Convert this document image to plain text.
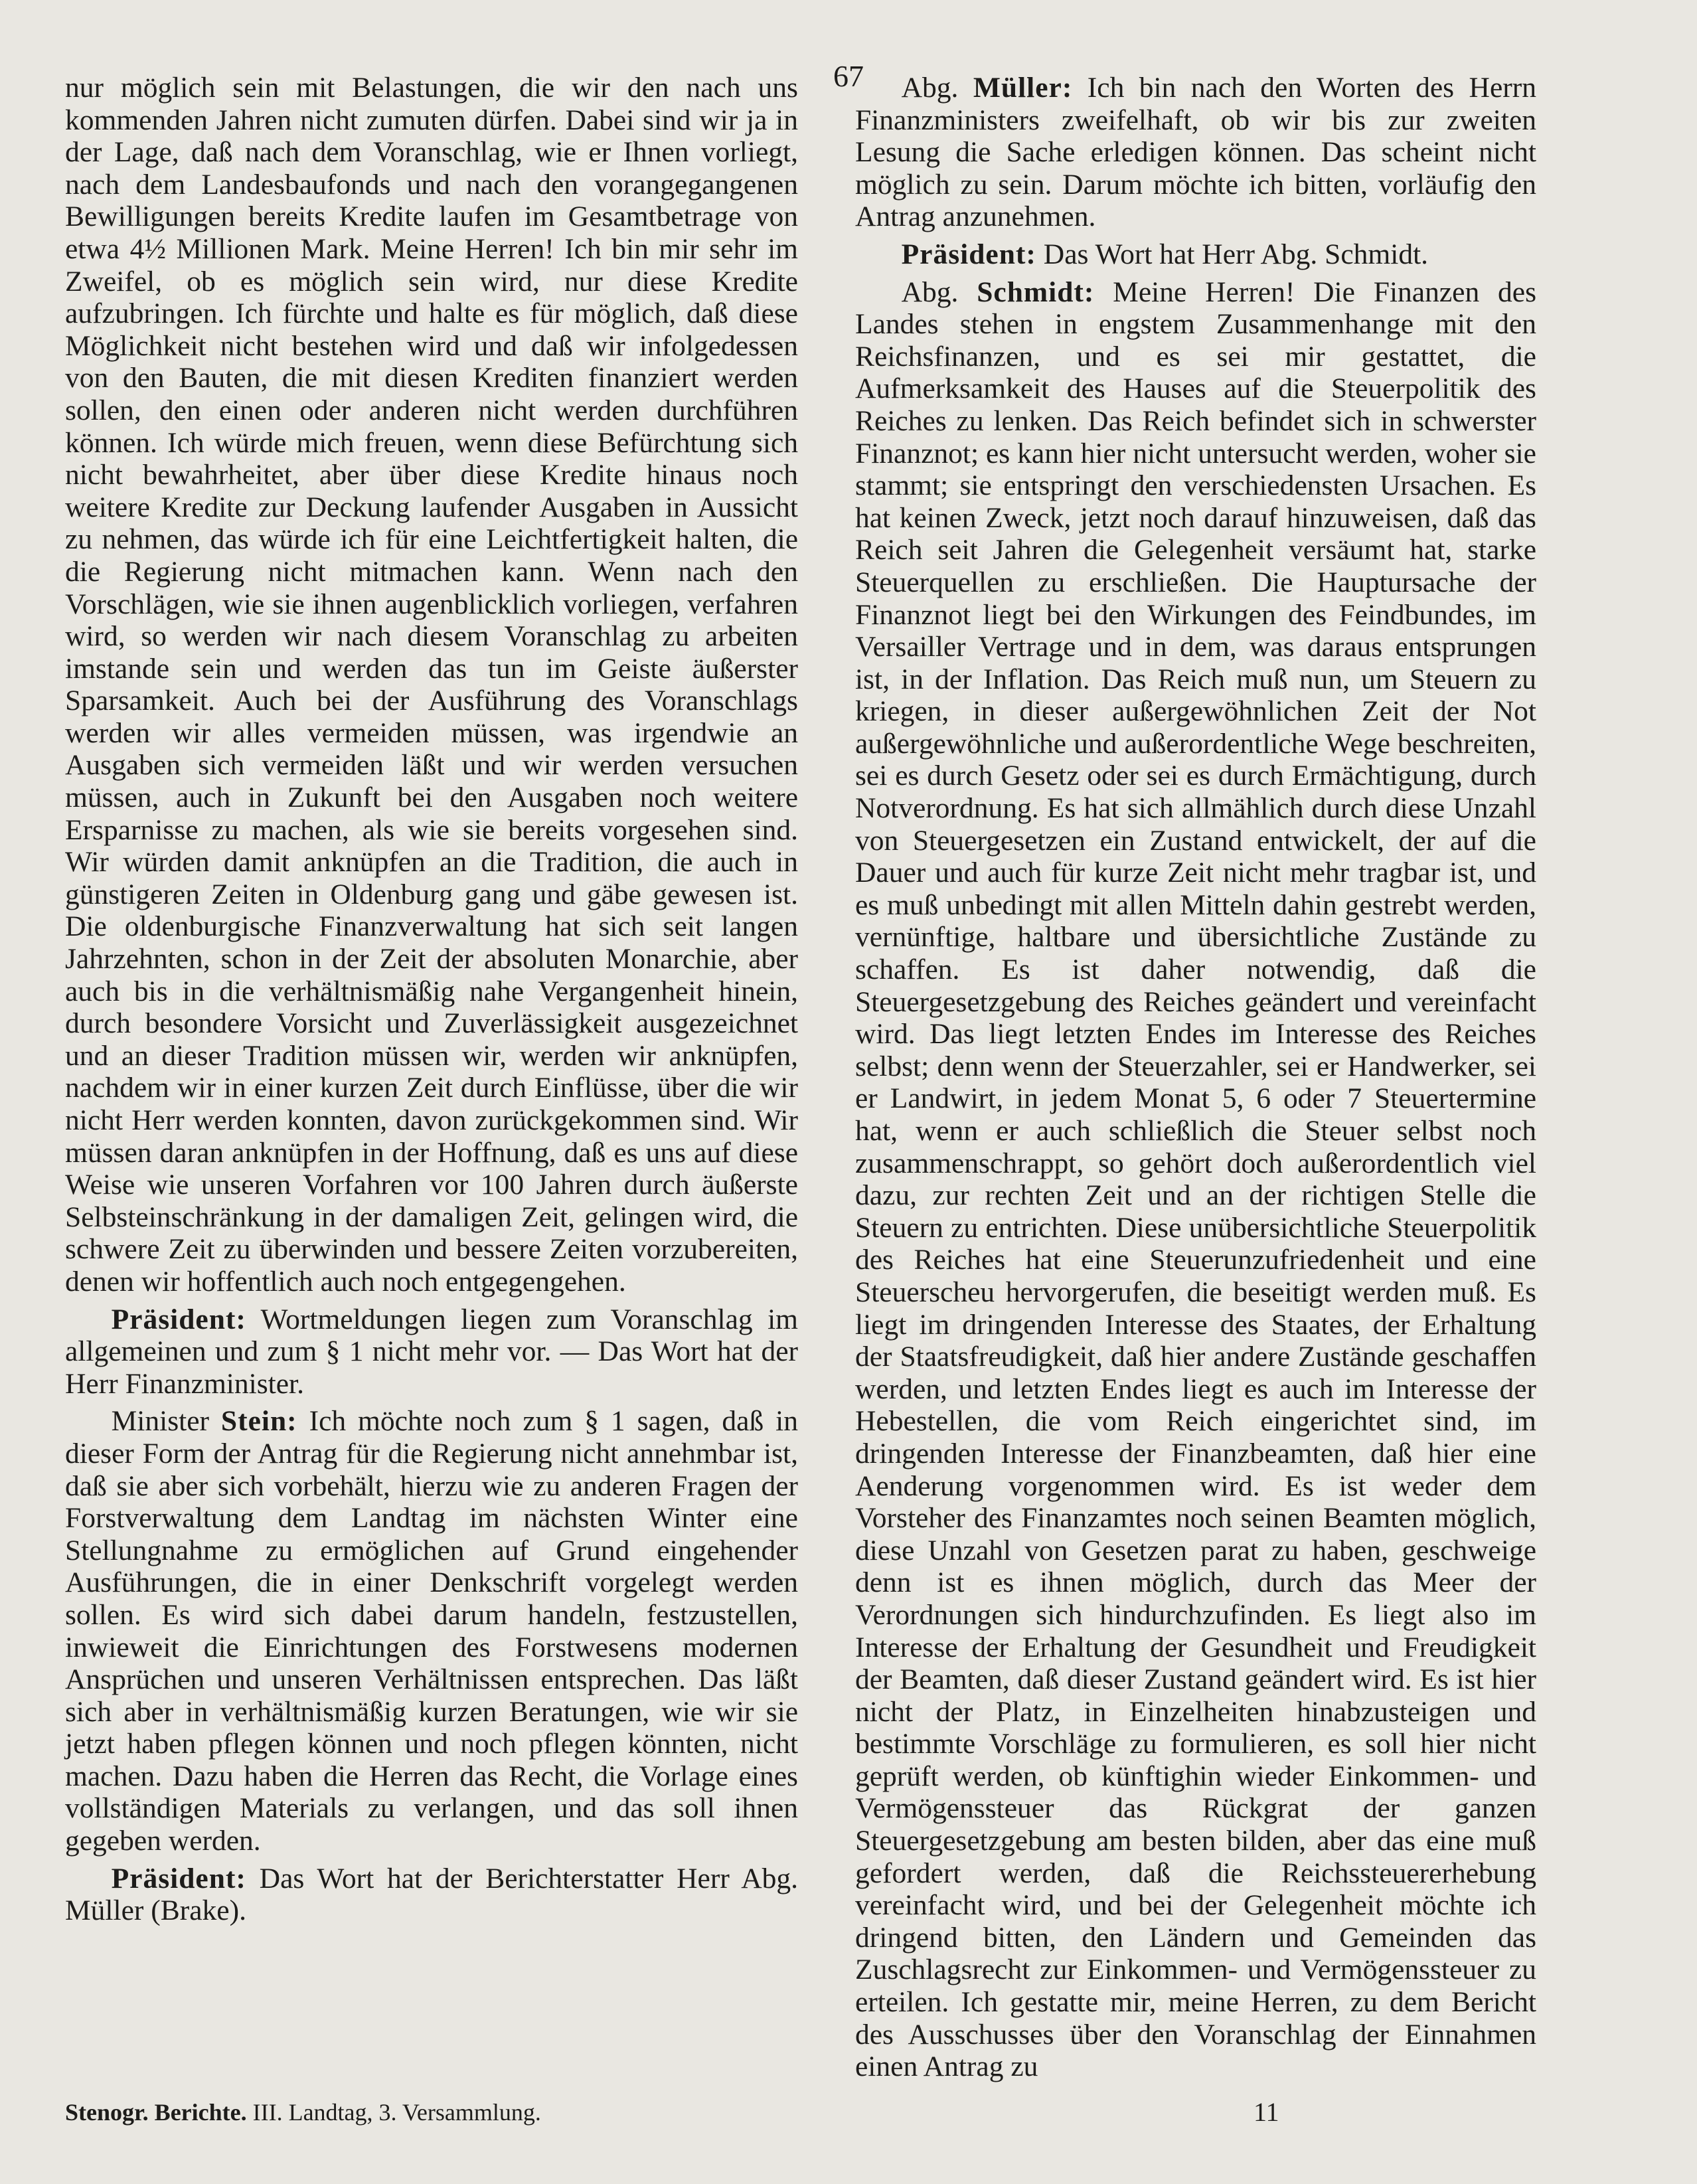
67

nur möglich sein mit Belastungen, die wir den nach uns kommenden Jahren nicht zumuten dürfen. Dabei sind wir ja in der Lage, daß nach dem Voranschlag, wie er Ihnen vorliegt, nach dem Landesbaufonds und nach den vorangegangenen Bewilligungen bereits Kredite laufen im Gesamtbetrage von etwa 4½ Millionen Mark. Meine Herren! Ich bin mir sehr im Zweifel, ob es möglich sein wird, nur diese Kredite aufzubringen. Ich fürchte und halte es für möglich, daß diese Möglichkeit nicht bestehen wird und daß wir infolgedessen von den Bauten, die mit diesen Krediten finanziert werden sollen, den einen oder anderen nicht werden durchführen können. Ich würde mich freuen, wenn diese Befürchtung sich nicht bewahrheitet, aber über diese Kredite hinaus noch weitere Kredite zur Deckung laufender Ausgaben in Aussicht zu nehmen, das würde ich für eine Leichtfertigkeit halten, die die Regierung nicht mitmachen kann. Wenn nach den Vorschlägen, wie sie ihnen augenblicklich vorliegen, verfahren wird, so werden wir nach diesem Voranschlag zu arbeiten imstande sein und werden das tun im Geiste äußerster Sparsamkeit. Auch bei der Ausführung des Voranschlags werden wir alles vermeiden müssen, was irgendwie an Ausgaben sich vermeiden läßt und wir werden versuchen müssen, auch in Zukunft bei den Ausgaben noch weitere Ersparnisse zu machen, als wie sie bereits vorgesehen sind. Wir würden damit anknüpfen an die Tradition, die auch in günstigeren Zeiten in Oldenburg gang und gäbe gewesen ist. Die oldenburgische Finanzverwaltung hat sich seit langen Jahrzehnten, schon in der Zeit der absoluten Monarchie, aber auch bis in die verhältnismäßig nahe Vergangenheit hinein, durch besondere Vorsicht und Zuverlässigkeit ausgezeichnet und an dieser Tradition müssen wir, werden wir anknüpfen, nachdem wir in einer kurzen Zeit durch Einflüsse, über die wir nicht Herr werden konnten, davon zurückgekommen sind. Wir müssen daran anknüpfen in der Hoffnung, daß es uns auf diese Weise wie unseren Vorfahren vor 100 Jahren durch äußerste Selbsteinschränkung in der damaligen Zeit, gelingen wird, die schwere Zeit zu überwinden und bessere Zeiten vorzubereiten, denen wir hoffentlich auch noch entgegengehen.

Präsident: Wortmeldungen liegen zum Voranschlag im allgemeinen und zum § 1 nicht mehr vor. — Das Wort hat der Herr Finanzminister.

Minister Stein: Ich möchte noch zum § 1 sagen, daß in dieser Form der Antrag für die Regierung nicht annehmbar ist, daß sie aber sich vorbehält, hierzu wie zu anderen Fragen der Forstverwaltung dem Landtag im nächsten Winter eine Stellungnahme zu ermöglichen auf Grund eingehender Ausführungen, die in einer Denkschrift vorgelegt werden sollen. Es wird sich dabei darum handeln, festzustellen, inwieweit die Einrichtungen des Forstwesens modernen Ansprüchen und unseren Verhältnissen entsprechen. Das läßt sich aber in verhältnismäßig kurzen Beratungen, wie wir sie jetzt haben pflegen können und noch pflegen könnten, nicht machen. Dazu haben die Herren das Recht, die Vorlage eines vollständigen Materials zu verlangen, und das soll ihnen gegeben werden.

Präsident: Das Wort hat der Berichterstatter Herr Abg. Müller (Brake).

Abg. Müller: Ich bin nach den Worten des Herrn Finanzministers zweifelhaft, ob wir bis zur zweiten Lesung die Sache erledigen können. Das scheint nicht möglich zu sein. Darum möchte ich bitten, vorläufig den Antrag anzunehmen.

Präsident: Das Wort hat Herr Abg. Schmidt.

Abg. Schmidt: Meine Herren! Die Finanzen des Landes stehen in engstem Zusammenhange mit den Reichsfinanzen, und es sei mir gestattet, die Aufmerksamkeit des Hauses auf die Steuerpolitik des Reiches zu lenken. Das Reich befindet sich in schwerster Finanznot; es kann hier nicht untersucht werden, woher sie stammt; sie entspringt den verschiedensten Ursachen. Es hat keinen Zweck, jetzt noch darauf hinzuweisen, daß das Reich seit Jahren die Gelegenheit versäumt hat, starke Steuerquellen zu erschließen. Die Hauptursache der Finanznot liegt bei den Wirkungen des Feindbundes, im Versailler Vertrage und in dem, was daraus entsprungen ist, in der Inflation. Das Reich muß nun, um Steuern zu kriegen, in dieser außergewöhnlichen Zeit der Not außergewöhnliche und außerordentliche Wege beschreiten, sei es durch Gesetz oder sei es durch Ermächtigung, durch Notverordnung. Es hat sich allmählich durch diese Unzahl von Steuergesetzen ein Zustand entwickelt, der auf die Dauer und auch für kurze Zeit nicht mehr tragbar ist, und es muß unbedingt mit allen Mitteln dahin gestrebt werden, vernünftige, haltbare und übersichtliche Zustände zu schaffen. Es ist daher notwendig, daß die Steuergesetzgebung des Reiches geändert und vereinfacht wird. Das liegt letzten Endes im Interesse des Reiches selbst; denn wenn der Steuerzahler, sei er Handwerker, sei er Landwirt, in jedem Monat 5, 6 oder 7 Steuertermine hat, wenn er auch schließlich die Steuer selbst noch zusammenschrappt, so gehört doch außerordentlich viel dazu, zur rechten Zeit und an der richtigen Stelle die Steuern zu entrichten. Diese unübersichtliche Steuerpolitik des Reiches hat eine Steuerunzufriedenheit und eine Steuerscheu hervorgerufen, die beseitigt werden muß. Es liegt im dringenden Interesse des Staates, der Erhaltung der Staatsfreudigkeit, daß hier andere Zustände geschaffen werden, und letzten Endes liegt es auch im Interesse der Hebestellen, die vom Reich eingerichtet sind, im dringenden Interesse der Finanzbeamten, daß hier eine Aenderung vorgenommen wird. Es ist weder dem Vorsteher des Finanzamtes noch seinen Beamten möglich, diese Unzahl von Gesetzen parat zu haben, geschweige denn ist es ihnen möglich, durch das Meer der Verordnungen sich hindurchzufinden. Es liegt also im Interesse der Erhaltung der Gesundheit und Freudigkeit der Beamten, daß dieser Zustand geändert wird. Es ist hier nicht der Platz, in Einzelheiten hinabzusteigen und bestimmte Vorschläge zu formulieren, es soll hier nicht geprüft werden, ob künftighin wieder Einkommen- und Vermögenssteuer das Rückgrat der ganzen Steuergesetzgebung am besten bilden, aber das eine muß gefordert werden, daß die Reichssteuererhebung vereinfacht wird, und bei der Gelegenheit möchte ich dringend bitten, den Ländern und Gemeinden das Zuschlagsrecht zur Einkommen- und Vermögenssteuer zu erteilen. Ich gestatte mir, meine Herren, zu dem Bericht des Ausschusses über den Voranschlag der Einnahmen einen Antrag zu

Stenogr. Berichte. III. Landtag, 3. Versammlung.	11
